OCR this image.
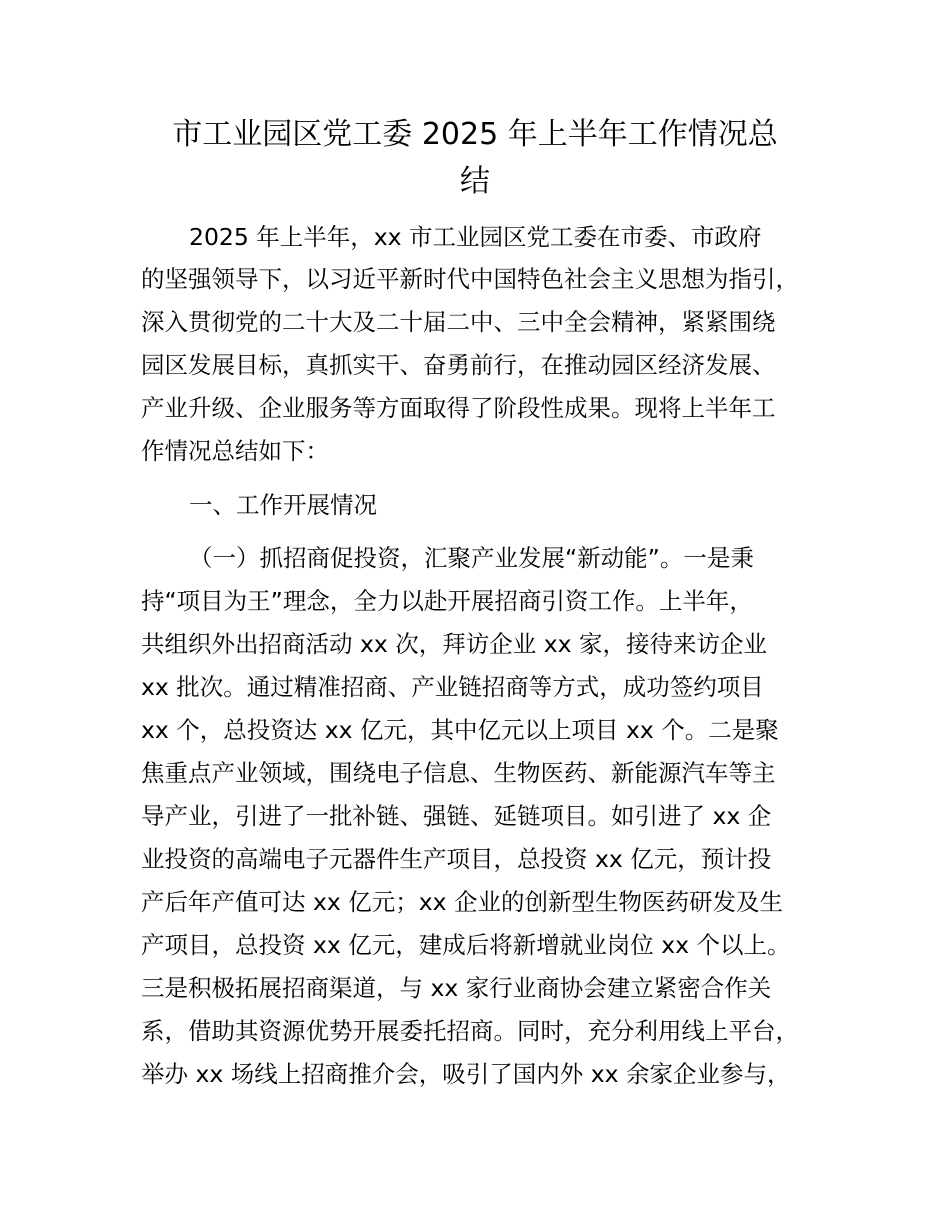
市工业园区党工委 2025 年上半年工作情况总
结

2025 年上半年，xx 市工业园区党工委在市委、市政府

的坚强领导下，以习近平新时代中国特色社会主义思想为指引，

深入贯彻党的二十大及二十届二中、三中全会精神，紧紧围绕

园区发展目标，真抓实干、奋勇前行，在推动园区经济发展、

产业升级、企业服务等方面取得了阶段性成果。现将上半年工

作情况总结如下：

一、工作开展情况

（一）抓招商促投资，汇聚产业发展“新动能”。一是秉

持“项目为王”理念，全力以赴开展招商引资工作。上半年，

共组织外出招商活动 xx 次，拜访企业 xx 家，接待来访企业

xx 批次。通过精准招商、产业链招商等方式，成功签约项目

xx 个，总投资达 xx 亿元，其中亿元以上项目 xx 个。二是聚

焦重点产业领域，围绕电子信息、生物医药、新能源汽车等主

导产业，引进了一批补链、强链、延链项目。如引进了 xx 企

业投资的高端电子元器件生产项目，总投资 xx 亿元，预计投

产后年产值可达 xx 亿元；xx 企业的创新型生物医药研发及生

产项目，总投资 xx 亿元，建成后将新增就业岗位 xx 个以上。

三是积极拓展招商渠道，与 xx 家行业商协会建立紧密合作关

系，借助其资源优势开展委托招商。同时，充分利用线上平台，

举办 xx 场线上招商推介会，吸引了国内外 xx 余家企业参与，
